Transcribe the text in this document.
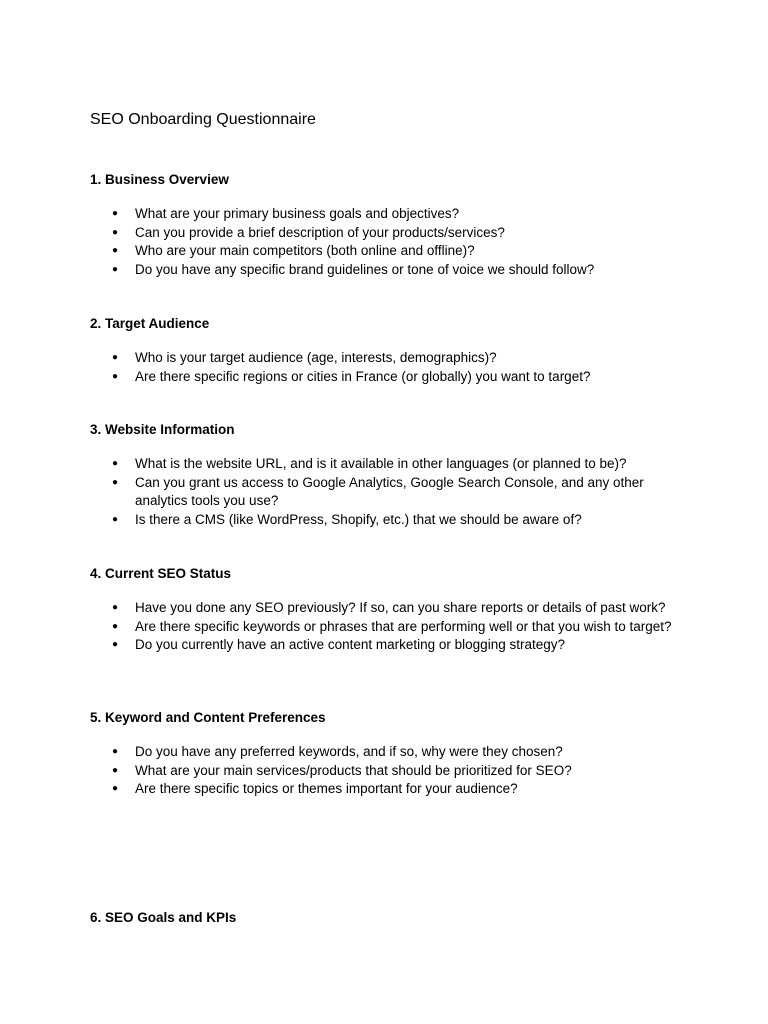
SEO Onboarding Questionnaire
1. Business Overview
● What are your primary business goals and objectives?
● Can you provide a brief description of your products/services?
● Who are your main competitors (both online and offline)?
● Do you have any specific brand guidelines or tone of voice we should follow?
2. Target Audience
● Who is your target audience (age, interests, demographics)?
● Are there specific regions or cities in France (or globally) you want to target?
3. Website Information
● What is the website URL, and is it available in other languages (or planned to be)?
● Can you grant us access to Google Analytics, Google Search Console, and any other analytics tools you use?
● Is there a CMS (like WordPress, Shopify, etc.) that we should be aware of?
4. Current SEO Status
● Have you done any SEO previously? If so, can you share reports or details of past work?
● Are there specific keywords or phrases that are performing well or that you wish to target?
● Do you currently have an active content marketing or blogging strategy?
5. Keyword and Content Preferences
● Do you have any preferred keywords, and if so, why were they chosen?
● What are your main services/products that should be prioritized for SEO?
● Are there specific topics or themes important for your audience?
6. SEO Goals and KPIs
